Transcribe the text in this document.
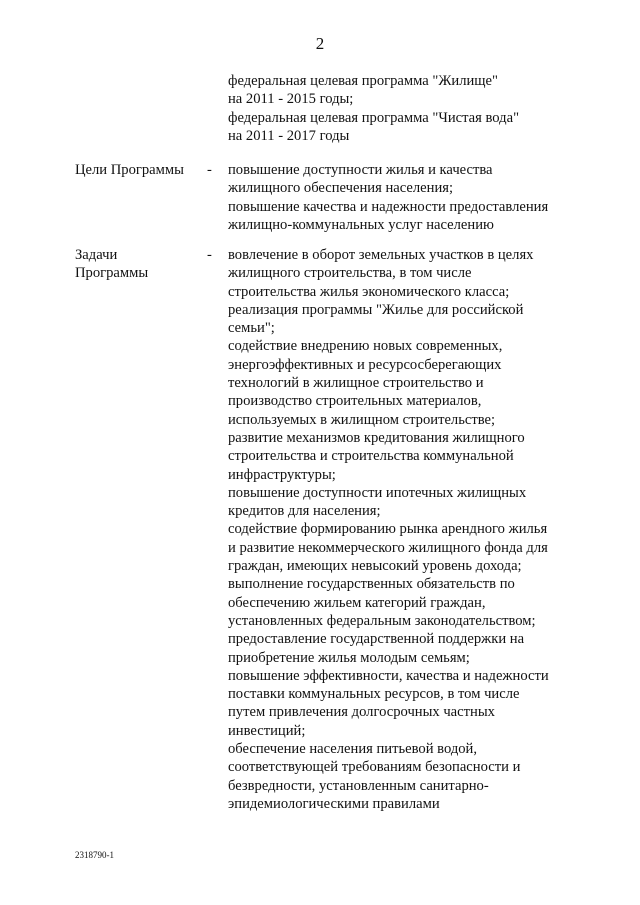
2
федеральная целевая программа "Жилище"
на 2011 - 2015 годы;
федеральная целевая программа "Чистая вода"
на 2011 - 2017 годы
Цели Программы - повышение доступности жилья и качества
жилищного обеспечения населения;
повышение качества и надежности предоставления
жилищно-коммунальных услуг населению
Задачи
Программы
- вовлечение в оборот земельных участков в целях
жилищного строительства, в том числе
строительства жилья экономического класса;
реализация программы "Жилье для российской
семьи";
содействие внедрению новых современных,
энергоэффективных и ресурсосберегающих
технологий в жилищное строительство и
производство строительных материалов,
используемых в жилищном строительстве;
развитие механизмов кредитования жилищного
строительства и строительства коммунальной
инфраструктуры;
повышение доступности ипотечных жилищных
кредитов для населения;
содействие формированию рынка арендного жилья
и развитие некоммерческого жилищного фонда для
граждан, имеющих невысокий уровень дохода;
выполнение государственных обязательств по
обеспечению жильем категорий граждан,
установленных федеральным законодательством;
предоставление государственной поддержки на
приобретение жилья молодым семьям;
повышение эффективности, качества и надежности
поставки коммунальных ресурсов, в том числе
путем привлечения долгосрочных частных
инвестиций;
обеспечение населения питьевой водой,
соответствующей требованиям безопасности и
безвредности, установленным санитарно-
эпидемиологическими правилами
2318790-1
